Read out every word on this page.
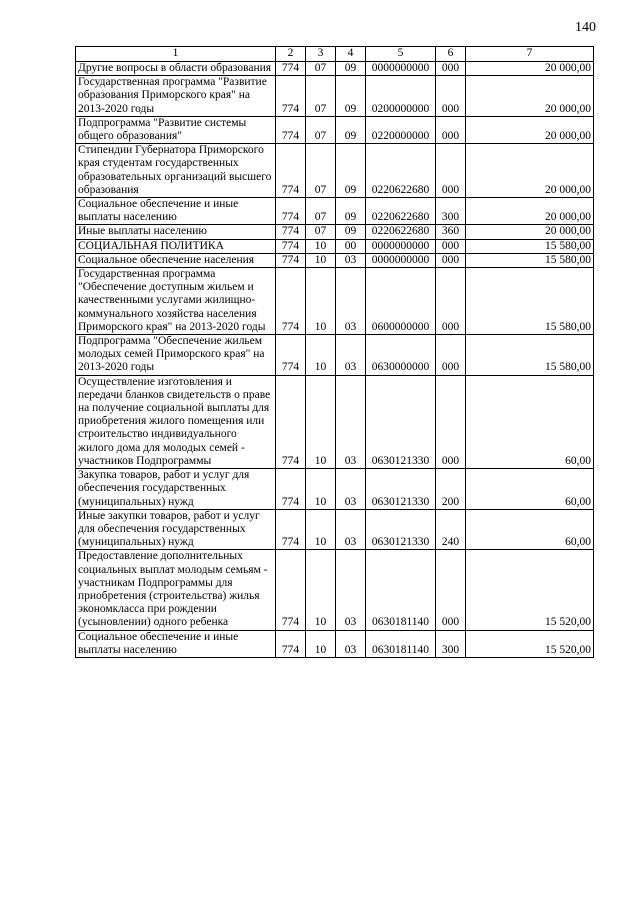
140
1	2	3	4	5	6	7
Другие вопросы в области образования	774	07	09	0000000000	000	20 000,00
Государственная программа "Развитие образования Приморского края" на 2013-2020 годы	774	07	09	0200000000	000	20 000,00
Подпрограмма "Развитие системы общего образования"	774	07	09	0220000000	000	20 000,00
Стипендии Губернатора Приморского края студентам государственных образовательных организаций высшего образования	774	07	09	0220622680	000	20 000,00
Социальное обеспечение и иные выплаты населению	774	07	09	0220622680	300	20 000,00
Иные выплаты населению	774	07	09	0220622680	360	20 000,00
СОЦИАЛЬНАЯ ПОЛИТИКА	774	10	00	0000000000	000	15 580,00
Социальное обеспечение населения	774	10	03	0000000000	000	15 580,00
Государственная программа "Обеспечение доступным жильем и качественными услугами жилищно-коммунального хозяйства населения Приморского края" на 2013-2020 годы	774	10	03	0600000000	000	15 580,00
Подпрограмма "Обеспечение жильем молодых семей Приморского края" на 2013-2020 годы	774	10	03	0630000000	000	15 580,00
Осуществление изготовления и передачи бланков свидетельств о праве на получение социальной выплаты для приобретения жилого помещения или строительство индивидуального жилого дома для молодых семей - участников Подпрограммы	774	10	03	0630121330	000	60,00
Закупка товаров, работ и услуг для обеспечения государственных (муниципальных) нужд	774	10	03	0630121330	200	60,00
Иные закупки товаров, работ и услуг для обеспечения государственных (муниципальных) нужд	774	10	03	0630121330	240	60,00
Предоставление дополнительных социальных выплат молодым семьям - участникам Подпрограммы для приобретения (строительства) жилья экономкласса при рождении (усыновлении) одного ребенка	774	10	03	0630181140	000	15 520,00
Социальное обеспечение и иные выплаты населению	774	10	03	0630181140	300	15 520,00
